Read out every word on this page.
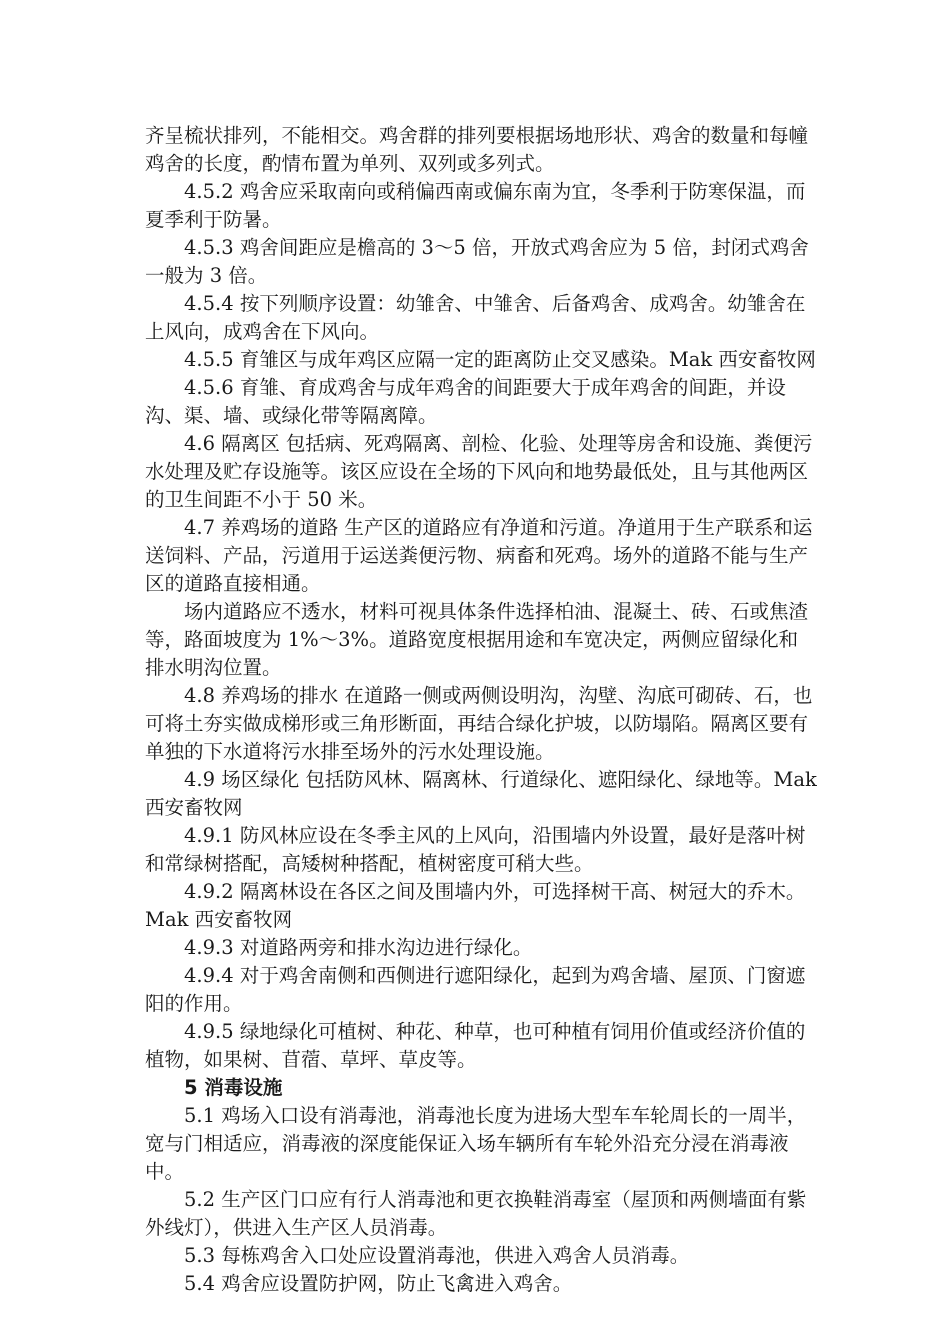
齐呈梳状排列，不能相交。鸡舍群的排列要根据场地形状、鸡舍的数量和每幢鸡舍的长度，酌情布置为单列、双列或多列式。

4.5.2 鸡舍应采取南向或稍偏西南或偏东南为宜，冬季利于防寒保温，而夏季利于防暑。

4.5.3 鸡舍间距应是檐高的 3～5 倍，开放式鸡舍应为 5 倍，封闭式鸡舍一般为 3 倍。

4.5.4 按下列顺序设置：幼雏舍、中雏舍、后备鸡舍、成鸡舍。幼雏舍在上风向，成鸡舍在下风向。

4.5.5 育雏区与成年鸡区应隔一定的距离防止交叉感染。Mak 西安畜牧网

4.5.6 育雏、育成鸡舍与成年鸡舍的间距要大于成年鸡舍的间距，并设沟、渠、墙、或绿化带等隔离障。

4.6 隔离区 包括病、死鸡隔离、剖检、化验、处理等房舍和设施、粪便污水处理及贮存设施等。该区应设在全场的下风向和地势最低处，且与其他两区的卫生间距不小于 50 米。

4.7 养鸡场的道路 生产区的道路应有净道和污道。净道用于生产联系和运送饲料、产品，污道用于运送粪便污物、病畜和死鸡。场外的道路不能与生产区的道路直接相通。

场内道路应不透水，材料可视具体条件选择柏油、混凝土、砖、石或焦渣等，路面坡度为 1%～3%。道路宽度根据用途和车宽决定，两侧应留绿化和排水明沟位置。

4.8 养鸡场的排水 在道路一侧或两侧设明沟，沟壁、沟底可砌砖、石，也可将土夯实做成梯形或三角形断面，再结合绿化护坡，以防塌陷。隔离区要有单独的下水道将污水排至场外的污水处理设施。

4.9 场区绿化 包括防风林、隔离林、行道绿化、遮阳绿化、绿地等。Mak 西安畜牧网

4.9.1 防风林应设在冬季主风的上风向，沿围墙内外设置，最好是落叶树和常绿树搭配，高矮树种搭配，植树密度可稍大些。

4.9.2 隔离林设在各区之间及围墙内外，可选择树干高、树冠大的乔木。Mak 西安畜牧网

4.9.3 对道路两旁和排水沟边进行绿化。

4.9.4 对于鸡舍南侧和西侧进行遮阳绿化，起到为鸡舍墙、屋顶、门窗遮阳的作用。

4.9.5 绿地绿化可植树、种花、种草，也可种植有饲用价值或经济价值的植物，如果树、苜蓿、草坪、草皮等。

5 消毒设施

5.1 鸡场入口设有消毒池，消毒池长度为进场大型车车轮周长的一周半，宽与门相适应，消毒液的深度能保证入场车辆所有车轮外沿充分浸在消毒液中。

5.2 生产区门口应有行人消毒池和更衣换鞋消毒室（屋顶和两侧墙面有紫外线灯），供进入生产区人员消毒。

5.3 每栋鸡舍入口处应设置消毒池，供进入鸡舍人员消毒。

5.4 鸡舍应设置防护网，防止飞禽进入鸡舍。
